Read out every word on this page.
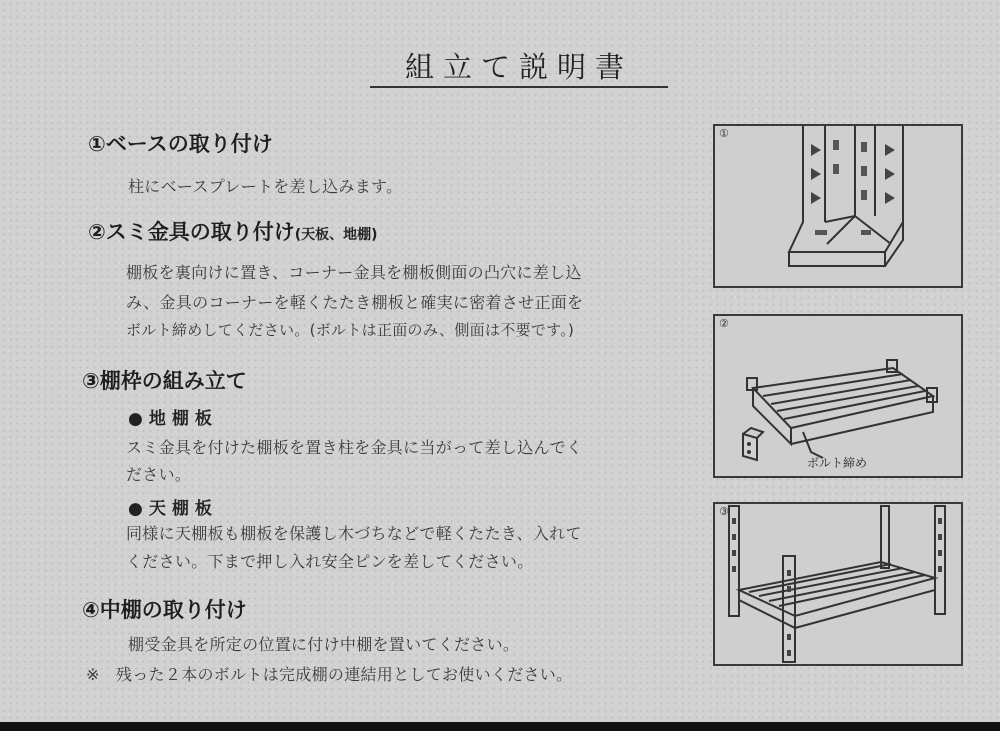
組立て説明書
①ベースの取り付け
柱にベースプレートを差し込みます。
②スミ金具の取り付け(天板、地棚)
棚板を裏向けに置き、コーナー金具を棚板側面の凸穴に差し込
み、金具のコーナーを軽くたたき棚板と確実に密着させ正面を
ボルト締めしてください。(ボルトは正面のみ、側面は不要です。)
③棚枠の組み立て
●地棚板
スミ金具を付けた棚板を置き柱を金具に当がって差し込んでく
ださい。
●天棚板
同様に天棚板も棚板を保護し木づちなどで軽くたたき、入れて
ください。下まで押し入れ安全ピンを差してください。
④中棚の取り付け
棚受金具を所定の位置に付け中棚を置いてください。
※　残った２本のボルトは完成棚の連結用としてお使いください。
①
②
ボルト締め
③
